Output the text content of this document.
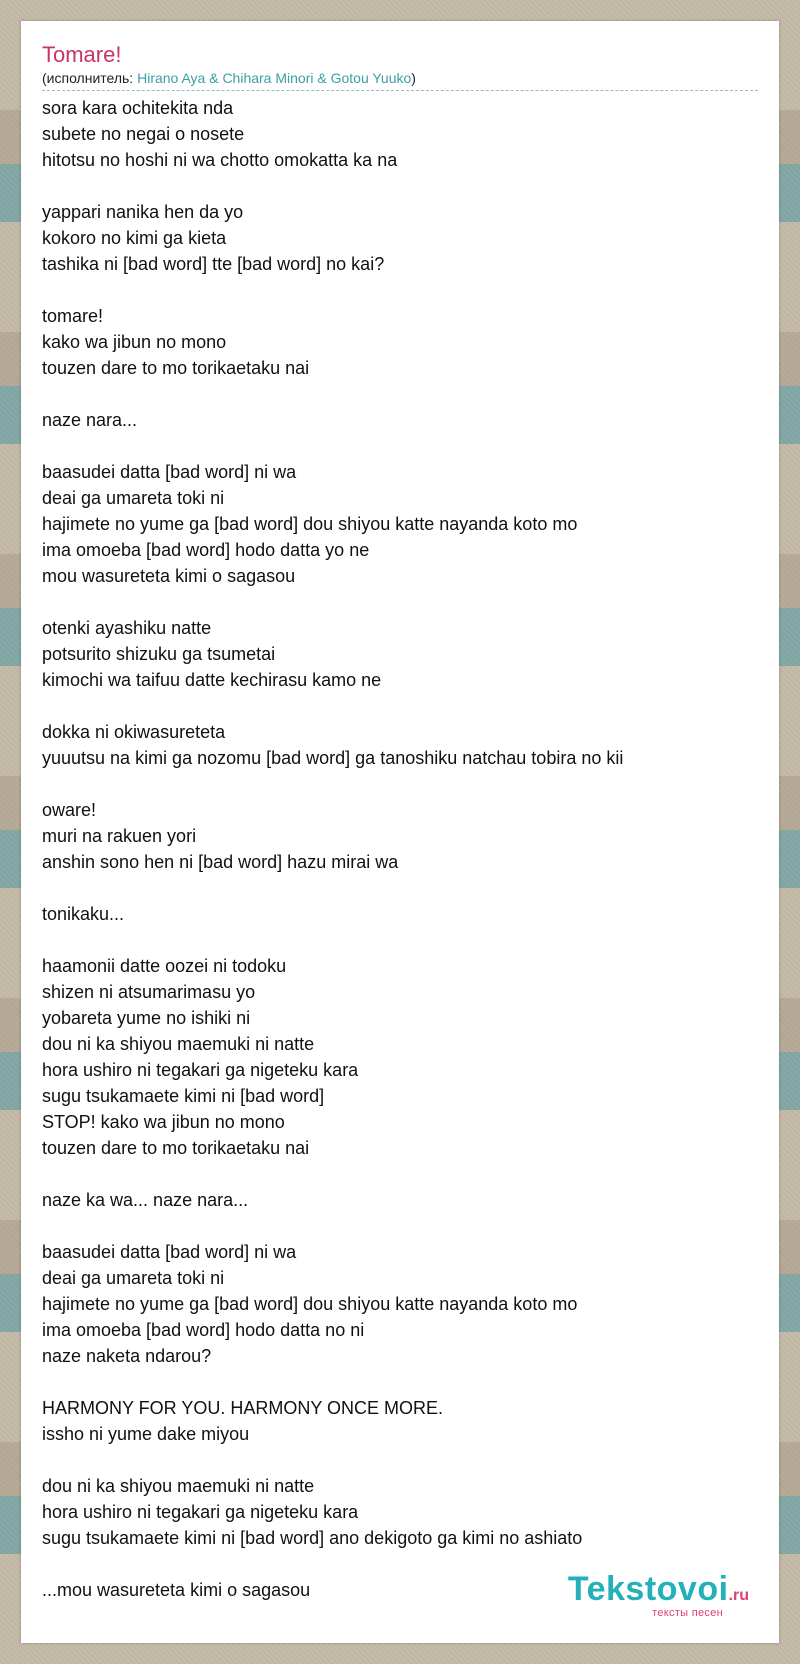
Tomare!
(исполнитель: Hirano Aya & Chihara Minori & Gotou Yuuko)
sora kara ochitekita nda
subete no negai o nosete
hitotsu no hoshi ni wa chotto omokatta ka na
yappari nanika hen da yo
kokoro no kimi ga kieta
tashika ni [bad word] tte [bad word] no kai?
tomare!
kako wa jibun no mono
touzen dare to mo torikaetaku nai
naze nara...
baasudei datta [bad word] ni wa
deai ga umareta toki ni
hajimete no yume ga [bad word] dou shiyou katte nayanda koto mo
ima omoeba [bad word] hodo datta yo ne
mou wasureteta kimi o sagasou
otenki ayashiku natte
potsurito shizuku ga tsumetai
kimochi wa taifuu datte kechirasu kamo ne
dokka ni okiwasureteta
yuuutsu na kimi ga nozomu [bad word] ga tanoshiku natchau tobira no kii
oware!
muri na rakuen yori
anshin sono hen ni [bad word] hazu mirai wa
tonikaku...
haamonii datte oozei ni todoku
shizen ni atsumarimasu yo
yobareta yume no ishiki ni
dou ni ka shiyou maemuki ni natte
hora ushiro ni tegakari ga nigeteku kara
sugu tsukamaete kimi ni [bad word]
STOP! kako wa jibun no mono
touzen dare to mo torikaetaku nai
naze ka wa... naze nara...
baasudei datta [bad word] ni wa
deai ga umareta toki ni
hajimete no yume ga [bad word] dou shiyou katte nayanda koto mo
ima omoeba [bad word] hodo datta no ni
naze naketa ndarou?
HARMONY FOR YOU. HARMONY ONCE MORE.
issho ni yume dake miyou
dou ni ka shiyou maemuki ni natte
hora ushiro ni tegakari ga nigeteku kara
sugu tsukamaete kimi ni [bad word] ano dekigoto ga kimi no ashiato
...mou wasureteta kimi o sagasou	Tekstovoi.ru
тексты песен
